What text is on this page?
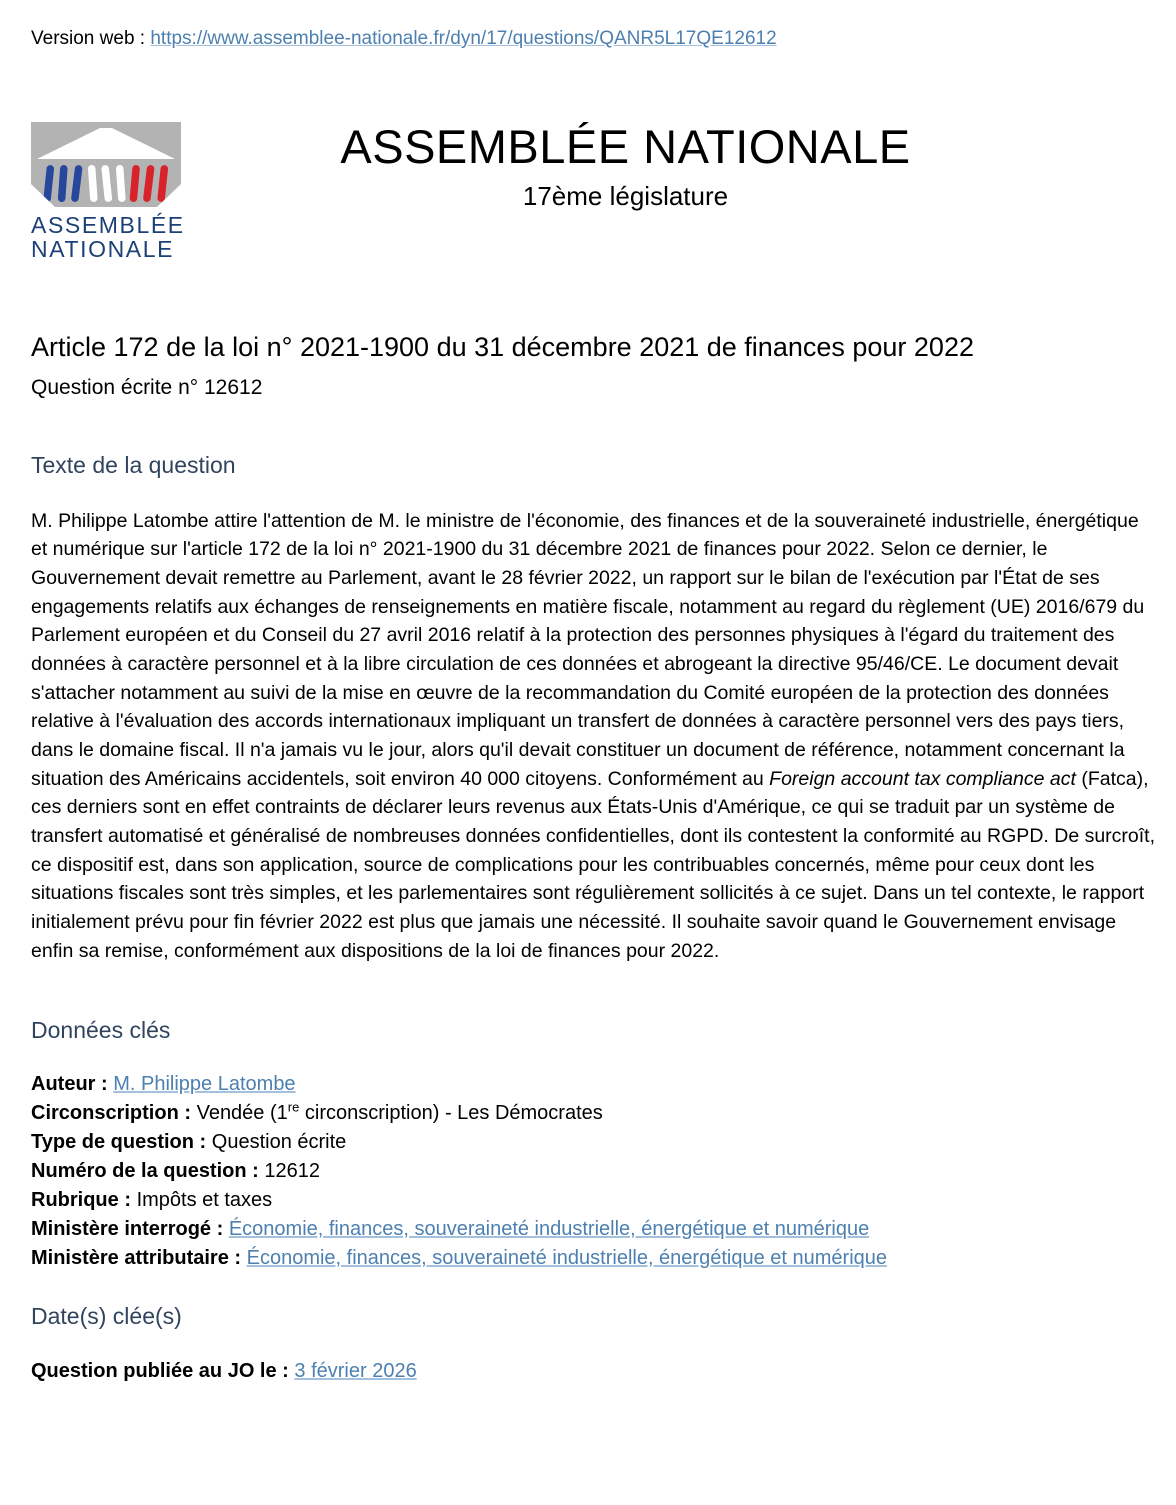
Version web : https://www.assemblee-nationale.fr/dyn/17/questions/QANR5L17QE12612
ASSEMBLÉE
NATIONALE
ASSEMBLÉE NATIONALE
17ème législature
Article 172 de la loi n° 2021-1900 du 31 décembre 2021 de finances pour 2022
Question écrite n° 12612
Texte de la question
M. Philippe Latombe attire l'attention de M. le ministre de l'économie, des finances et de la souveraineté industrielle, énergétique et numérique sur l'article 172 de la loi n° 2021-1900 du 31 décembre 2021 de finances pour 2022. Selon ce dernier, le Gouvernement devait remettre au Parlement, avant le 28 février 2022, un rapport sur le bilan de l'exécution par l'État de ses engagements relatifs aux échanges de renseignements en matière fiscale, notamment au regard du règlement (UE) 2016/679 du Parlement européen et du Conseil du 27 avril 2016 relatif à la protection des personnes physiques à l'égard du traitement des données à caractère personnel et à la libre circulation de ces données et abrogeant la directive 95/46/CE. Le document devait s'attacher notamment au suivi de la mise en œuvre de la recommandation du Comité européen de la protection des données relative à l'évaluation des accords internationaux impliquant un transfert de données à caractère personnel vers des pays tiers, dans le domaine fiscal. Il n'a jamais vu le jour, alors qu'il devait constituer un document de référence, notamment concernant la situation des Américains accidentels, soit environ 40 000 citoyens. Conformément au Foreign account tax compliance act (Fatca), ces derniers sont en effet contraints de déclarer leurs revenus aux États-Unis d'Amérique, ce qui se traduit par un système de transfert automatisé et généralisé de nombreuses données confidentielles, dont ils contestent la conformité au RGPD. De surcroît, ce dispositif est, dans son application, source de complications pour les contribuables concernés, même pour ceux dont les situations fiscales sont très simples, et les parlementaires sont régulièrement sollicités à ce sujet. Dans un tel contexte, le rapport initialement prévu pour fin février 2022 est plus que jamais une nécessité. Il souhaite savoir quand le Gouvernement envisage enfin sa remise, conformément aux dispositions de la loi de finances pour 2022.
Données clés
Auteur : M. Philippe Latombe
Circonscription : Vendée (1re circonscription) - Les Démocrates
Type de question : Question écrite
Numéro de la question : 12612
Rubrique : Impôts et taxes
Ministère interrogé : Économie, finances, souveraineté industrielle, énergétique et numérique
Ministère attributaire : Économie, finances, souveraineté industrielle, énergétique et numérique
Date(s) clée(s)
Question publiée au JO le : 3 février 2026
